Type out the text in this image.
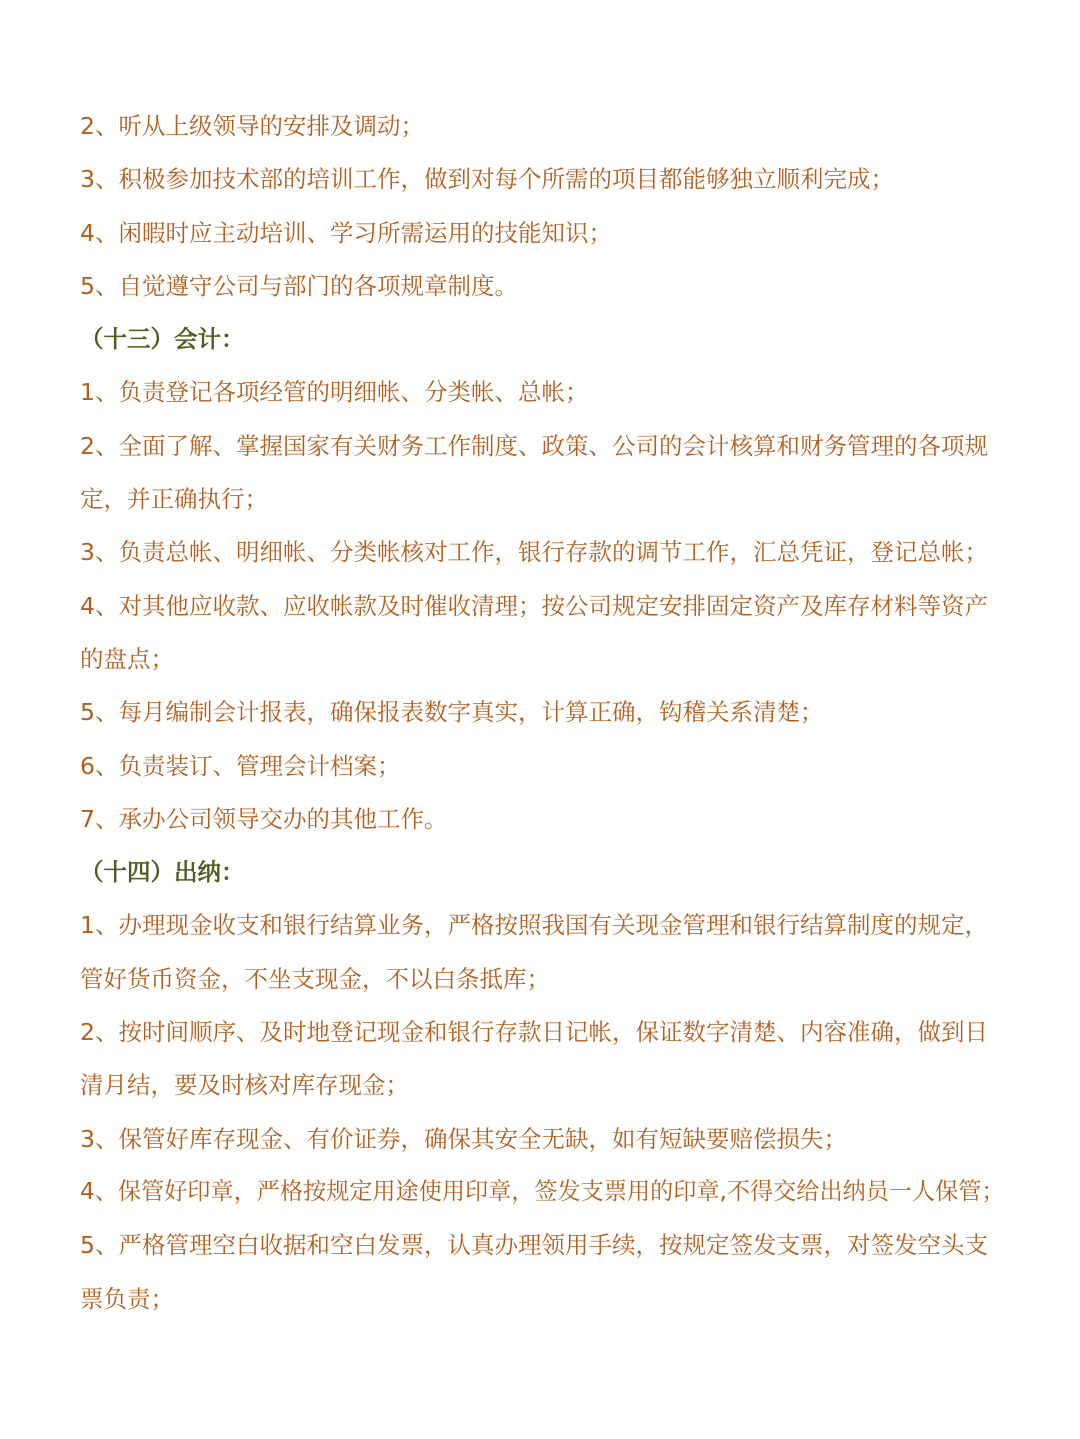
2、听从上级领导的安排及调动；
3、积极参加技术部的培训工作，做到对每个所需的项目都能够独立顺利完成；
4、闲暇时应主动培训、学习所需运用的技能知识；
5、自觉遵守公司与部门的各项规章制度。
（十三）会计：
1、负责登记各项经管的明细帐、分类帐、总帐；
2、全面了解、掌握国家有关财务工作制度、政策、公司的会计核算和财务管理的各项规
定，并正确执行；
3、负责总帐、明细帐、分类帐核对工作，银行存款的调节工作，汇总凭证，登记总帐；
4、对其他应收款、应收帐款及时催收清理；按公司规定安排固定资产及库存材料等资产
的盘点；
5、每月编制会计报表，确保报表数字真实，计算正确，钩稽关系清楚；
6、负责装订、管理会计档案；
7、承办公司领导交办的其他工作。
（十四）出纳：
1、办理现金收支和银行结算业务，严格按照我国有关现金管理和银行结算制度的规定，
管好货币资金，不坐支现金，不以白条抵库；
2、按时间顺序、及时地登记现金和银行存款日记帐，保证数字清楚、内容准确，做到日
清月结，要及时核对库存现金；
3、保管好库存现金、有价证券，确保其安全无缺，如有短缺要赔偿损失；
4、保管好印章，严格按规定用途使用印章，签发支票用的印章,不得交给出纳员一人保管；
5、严格管理空白收据和空白发票，认真办理领用手续，按规定签发支票，对签发空头支
票负责；
